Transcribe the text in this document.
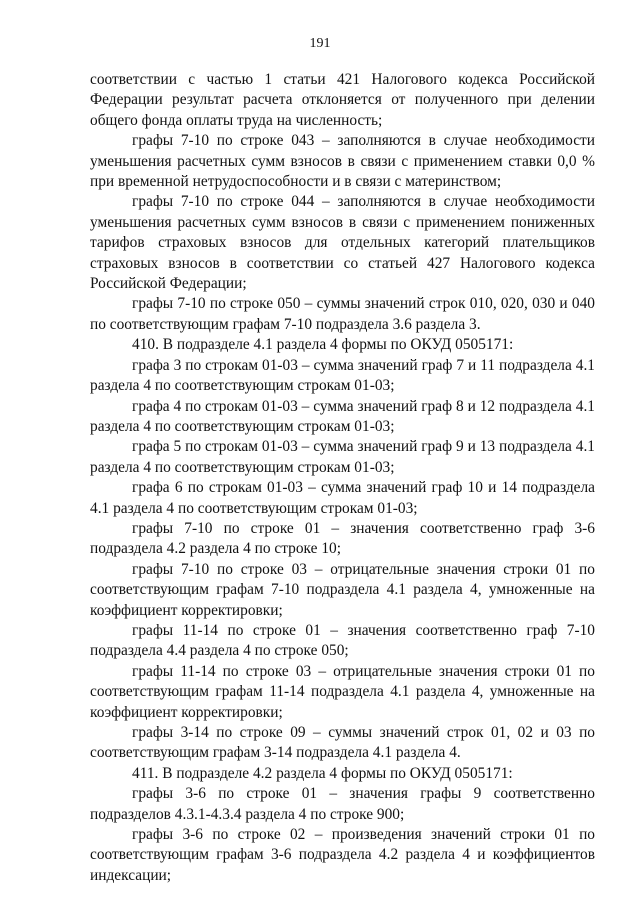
191

соответствии с частью 1 статьи 421 Налогового кодекса Российской Федерации результат расчета отклоняется от полученного при делении общего фонда оплаты труда на численность;

графы 7-10 по строке 043 – заполняются в случае необходимости уменьшения расчетных сумм взносов в связи с применением ставки 0,0 % при временной нетрудоспособности и в связи с материнством;

графы 7-10 по строке 044 – заполняются в случае необходимости уменьшения расчетных сумм взносов в связи с применением пониженных тарифов страховых взносов для отдельных категорий плательщиков страховых взносов в соответствии со статьей 427 Налогового кодекса Российской Федерации;

графы 7-10 по строке 050 – суммы значений строк 010, 020, 030 и 040 по соответствующим графам 7-10 подраздела 3.6 раздела 3.

410. В подразделе 4.1 раздела 4 формы по ОКУД 0505171:

графа 3 по строкам 01-03 – сумма значений граф 7 и 11 подраздела 4.1 раздела 4 по соответствующим строкам 01-03;

графа 4 по строкам 01-03 – сумма значений граф 8 и 12 подраздела 4.1 раздела 4 по соответствующим строкам 01-03;

графа 5 по строкам 01-03 – сумма значений граф 9 и 13 подраздела 4.1 раздела 4 по соответствующим строкам 01-03;

графа 6 по строкам 01-03 – сумма значений граф 10 и 14 подраздела 4.1 раздела 4 по соответствующим строкам 01-03;

графы 7-10 по строке 01 – значения соответственно граф 3-6 подраздела 4.2 раздела 4 по строке 10;

графы 7-10 по строке 03 – отрицательные значения строки 01 по соответствующим графам 7-10 подраздела 4.1 раздела 4, умноженные на коэффициент корректировки;

графы 11-14 по строке 01 – значения соответственно граф 7-10 подраздела 4.4 раздела 4 по строке 050;

графы 11-14 по строке 03 – отрицательные значения строки 01 по соответствующим графам 11-14 подраздела 4.1 раздела 4, умноженные на коэффициент корректировки;

графы 3-14 по строке 09 – суммы значений строк 01, 02 и 03 по соответствующим графам 3-14 подраздела 4.1 раздела 4.

411. В подразделе 4.2 раздела 4 формы по ОКУД 0505171:

графы 3-6 по строке 01 – значения графы 9 соответственно подразделов 4.3.1-4.3.4 раздела 4 по строке 900;

графы 3-6 по строке 02 – произведения значений строки 01 по соответствующим графам 3-6 подраздела 4.2 раздела 4 и коэффициентов индексации;
